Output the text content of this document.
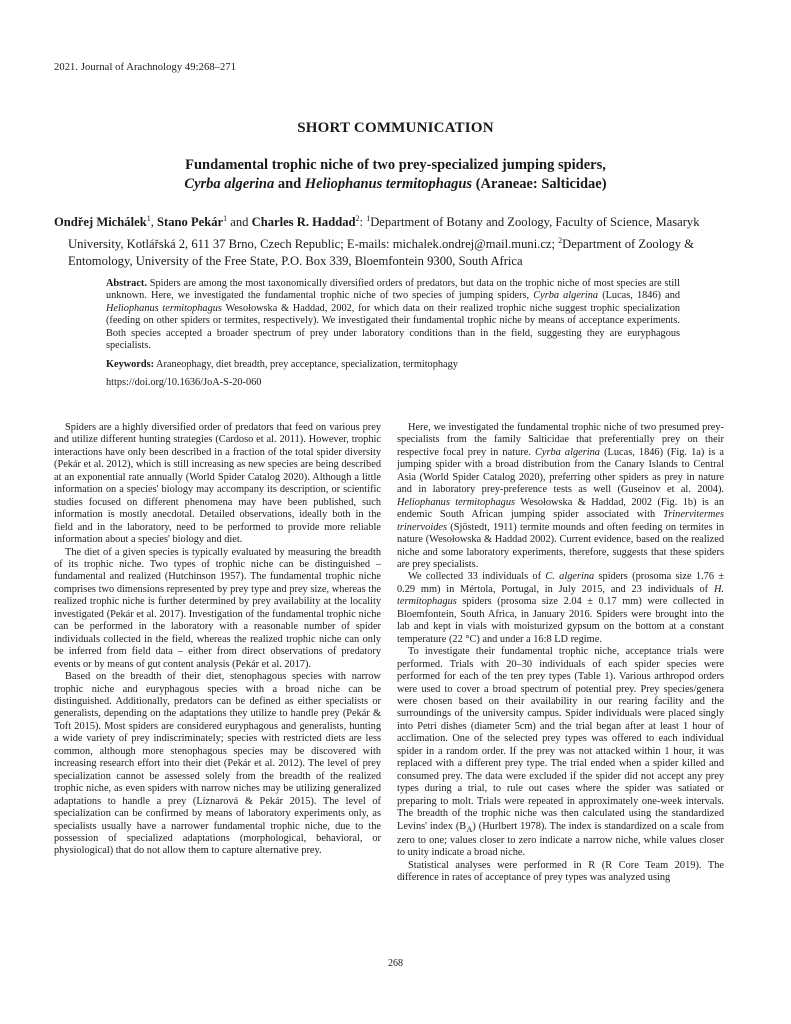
2021. Journal of Arachnology 49:268–271
SHORT COMMUNICATION
Fundamental trophic niche of two prey-specialized jumping spiders,
Cyrba algerina and Heliophanus termitophagus (Araneae: Salticidae)
Ondřej Michálek$^1$, Stano Pekár$^1$ and Charles R. Haddad$^2$: $^1$Department of Botany and Zoology, Faculty of Science, Masaryk University, Kotlářská 2, 611 37 Brno, Czech Republic; E-mails: michalek.ondrej@mail.muni.cz; $^2$Department of Zoology & Entomology, University of the Free State, P.O. Box 339, Bloemfontein 9300, South Africa

Abstract. Spiders are among the most taxonomically diversified orders of predators, but data on the trophic niche of most species are still unknown. Here, we investigated the fundamental trophic niche of two species of jumping spiders, Cyrba algerina (Lucas, 1846) and Heliophanus termitophagus Wesołowska & Haddad, 2002, for which data on their realized trophic niche suggest trophic specialization (feeding on other spiders or termites, respectively). We investigated their fundamental trophic niche by means of acceptance experiments. Both species accepted a broader spectrum of prey under laboratory conditions than in the field, suggesting they are euryphagous specialists.

Keywords: Araneophagy, diet breadth, prey acceptance, specialization, termitophagy

https://doi.org/10.1636/JoA-S-20-060

Spiders are a highly diversified order of predators that feed on various prey and utilize different hunting strategies (Cardoso et al. 2011). However, trophic interactions have only been described in a fraction of the total spider diversity (Pekár et al. 2012), which is still increasing as new species are being described at an exponential rate annually (World Spider Catalog 2020). Although a little information on a species' biology may accompany its description, or scientific studies focused on different phenomena may have been published, such information is mostly anecdotal. Detailed observations, ideally both in the field and in the laboratory, need to be performed to provide more reliable information about a species' biology and diet.

The diet of a given species is typically evaluated by measuring the breadth of its trophic niche. Two types of trophic niche can be distinguished – fundamental and realized (Hutchinson 1957). The fundamental trophic niche comprises two dimensions represented by prey type and prey size, whereas the realized trophic niche is further determined by prey availability at the locality investigated (Pekár et al. 2017). Investigation of the fundamental trophic niche can be performed in the laboratory with a reasonable number of spider individuals collected in the field, whereas the realized trophic niche can only be inferred from field data – either from direct observations of predatory events or by means of gut content analysis (Pekár et al. 2017).

Based on the breadth of their diet, stenophagous species with narrow trophic niche and euryphagous species with a broad niche can be distinguished. Additionally, predators can be defined as either specialists or generalists, depending on the adaptations they utilize to handle prey (Pekár & Toft 2015). Most spiders are considered euryphagous and generalists, hunting a wide variety of prey indiscriminately; species with restricted diets are less common, although more stenophagous species may be discovered with increasing research effort into their diet (Pekár et al. 2012). The level of prey specialization cannot be assessed solely from the breadth of the realized trophic niche, as even spiders with narrow niches may be utilizing generalized adaptations to handle a prey (Líznarová & Pekár 2015). The level of specialization can be confirmed by means of laboratory experiments only, as specialists usually have a narrower fundamental trophic niche, due to the possession of specialized adaptations (morphological, behavioral, or physiological) that do not allow them to capture alternative prey.

Here, we investigated the fundamental trophic niche of two presumed prey-specialists from the family Salticidae that preferentially prey on their respective focal prey in nature. Cyrba algerina (Lucas, 1846) (Fig. 1a) is a jumping spider with a broad distribution from the Canary Islands to Central Asia (World Spider Catalog 2020), preferring other spiders as prey in nature and in laboratory prey-preference tests as well (Guseinov et al. 2004). Heliophanus termitophagus Wesołowska & Haddad, 2002 (Fig. 1b) is an endemic South African jumping spider associated with Trinervitermes trinervoides (Sjöstedt, 1911) termite mounds and often feeding on termites in nature (Wesołowska & Haddad 2002). Current evidence, based on the realized niche and some laboratory experiments, therefore, suggests that these spiders are prey specialists.

We collected 33 individuals of C. algerina spiders (prosoma size 1.76 ± 0.29 mm) in Mértola, Portugal, in July 2015, and 23 individuals of H. termitophagus spiders (prosoma size 2.04 ± 0.17 mm) were collected in Bloemfontein, South Africa, in January 2016. Spiders were brought into the lab and kept in vials with moisturized gypsum on the bottom at a constant temperature (22 °C) and under a 16:8 LD regime.

To investigate their fundamental trophic niche, acceptance trials were performed. Trials with 20–30 individuals of each spider species were performed for each of the ten prey types (Table 1). Various arthropod orders were used to cover a broad spectrum of potential prey. Prey species/genera were chosen based on their availability in our rearing facility and the surroundings of the university campus. Spider individuals were placed singly into Petri dishes (diameter 5cm) and the trial began after at least 1 hour of acclimation. One of the selected prey types was offered to each individual spider in a random order. If the prey was not attacked within 1 hour, it was replaced with a different prey type. The trial ended when a spider killed and consumed prey. The data were excluded if the spider did not accept any prey types during a trial, to rule out cases where the spider was satiated or preparing to molt. Trials were repeated in approximately one-week intervals. The breadth of the trophic niche was then calculated using the standardized Levins' index $(B_A)$ (Hurlbert 1978). The index is standardized on a scale from zero to one; values closer to zero indicate a narrow niche, while values closer to unity indicate a broad niche.

Statistical analyses were performed in R (R Core Team 2019). The difference in rates of acceptance of prey types was analyzed using

268
